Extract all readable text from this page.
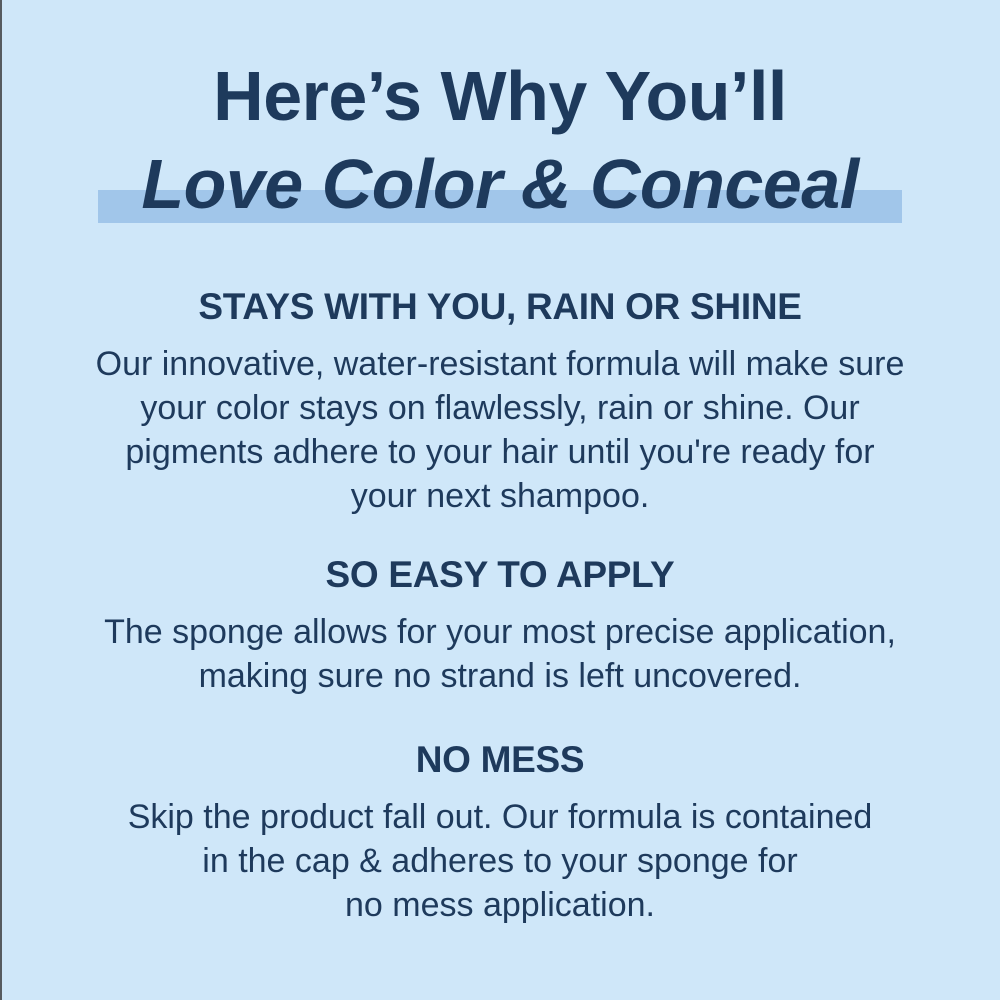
Here’s Why You’ll
Love Color & Conceal
STAYS WITH YOU, RAIN OR SHINE

Our innovative, water-resistant formula will make sure
your color stays on flawlessly, rain or shine. Our
pigments adhere to your hair until you're ready for
your next shampoo.

SO EASY TO APPLY

The sponge allows for your most precise application,
making sure no strand is left uncovered.

NO MESS

Skip the product fall out. Our formula is contained
in the cap & adheres to your sponge for
no mess application.
